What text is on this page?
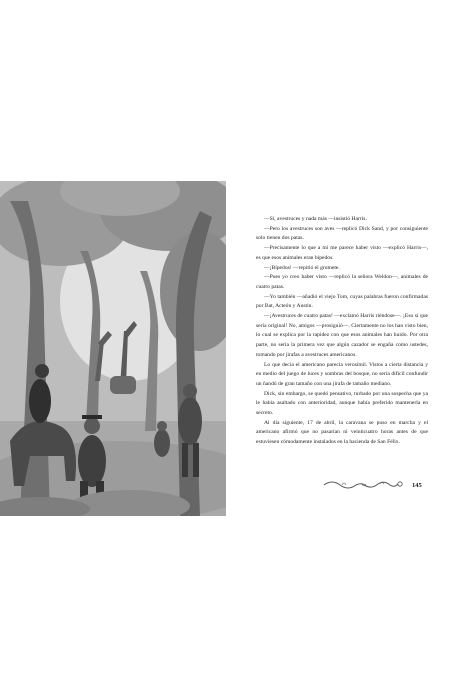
—Sí, avestruces y nada más —insistió Harris.

—Pero los avestruces son aves —replicó Dick Sand, y por consiguiente solo tienen dos patas.

—Precisamente lo que a mí me parece haber visto —explicó Harris—, es que esos animales eran bípedos.

—¡Bípedos! —repitió el grumete.

—Pues yo creo haber visto —replicó la señora Weldon—, animales de cuatro patas.

—Yo también —añadió el viejo Tom, cuyas palabras fueron confirmadas por Bat, Acteón y Austin.

—¡Avestruces de cuatro patas! —exclamó Harris riéndose—. ¡Eso sí que sería original! No, amigos —prosiguió—. Ciertamente no los han visto bien, lo cual se explica por la rapidez con que esos animales han huido. Por otra parte, no sería la primera vez que algún cazador se engaña como ustedes, tomando por jirafas a avestruces americanos.

Lo que decía el americano parecía verosímil. Vistos a cierta distancia y en medio del juego de luces y sombras del bosque, no sería difícil confundir un ñandú de gran tamaño con una jirafa de tamaño mediano.

Dick, sin embargo, se quedó pensativo, turbado por una sospecha que ya le había asaltado con anterioridad, aunque había preferido mantenerla en secreto.

Al día siguiente, 17 de abril, la caravana se puso en marcha y el americano afirmó que no pasarían ni veinticuatro horas antes de que estuviesen cómodamente instalados en la hacienda de San Félix.

145
